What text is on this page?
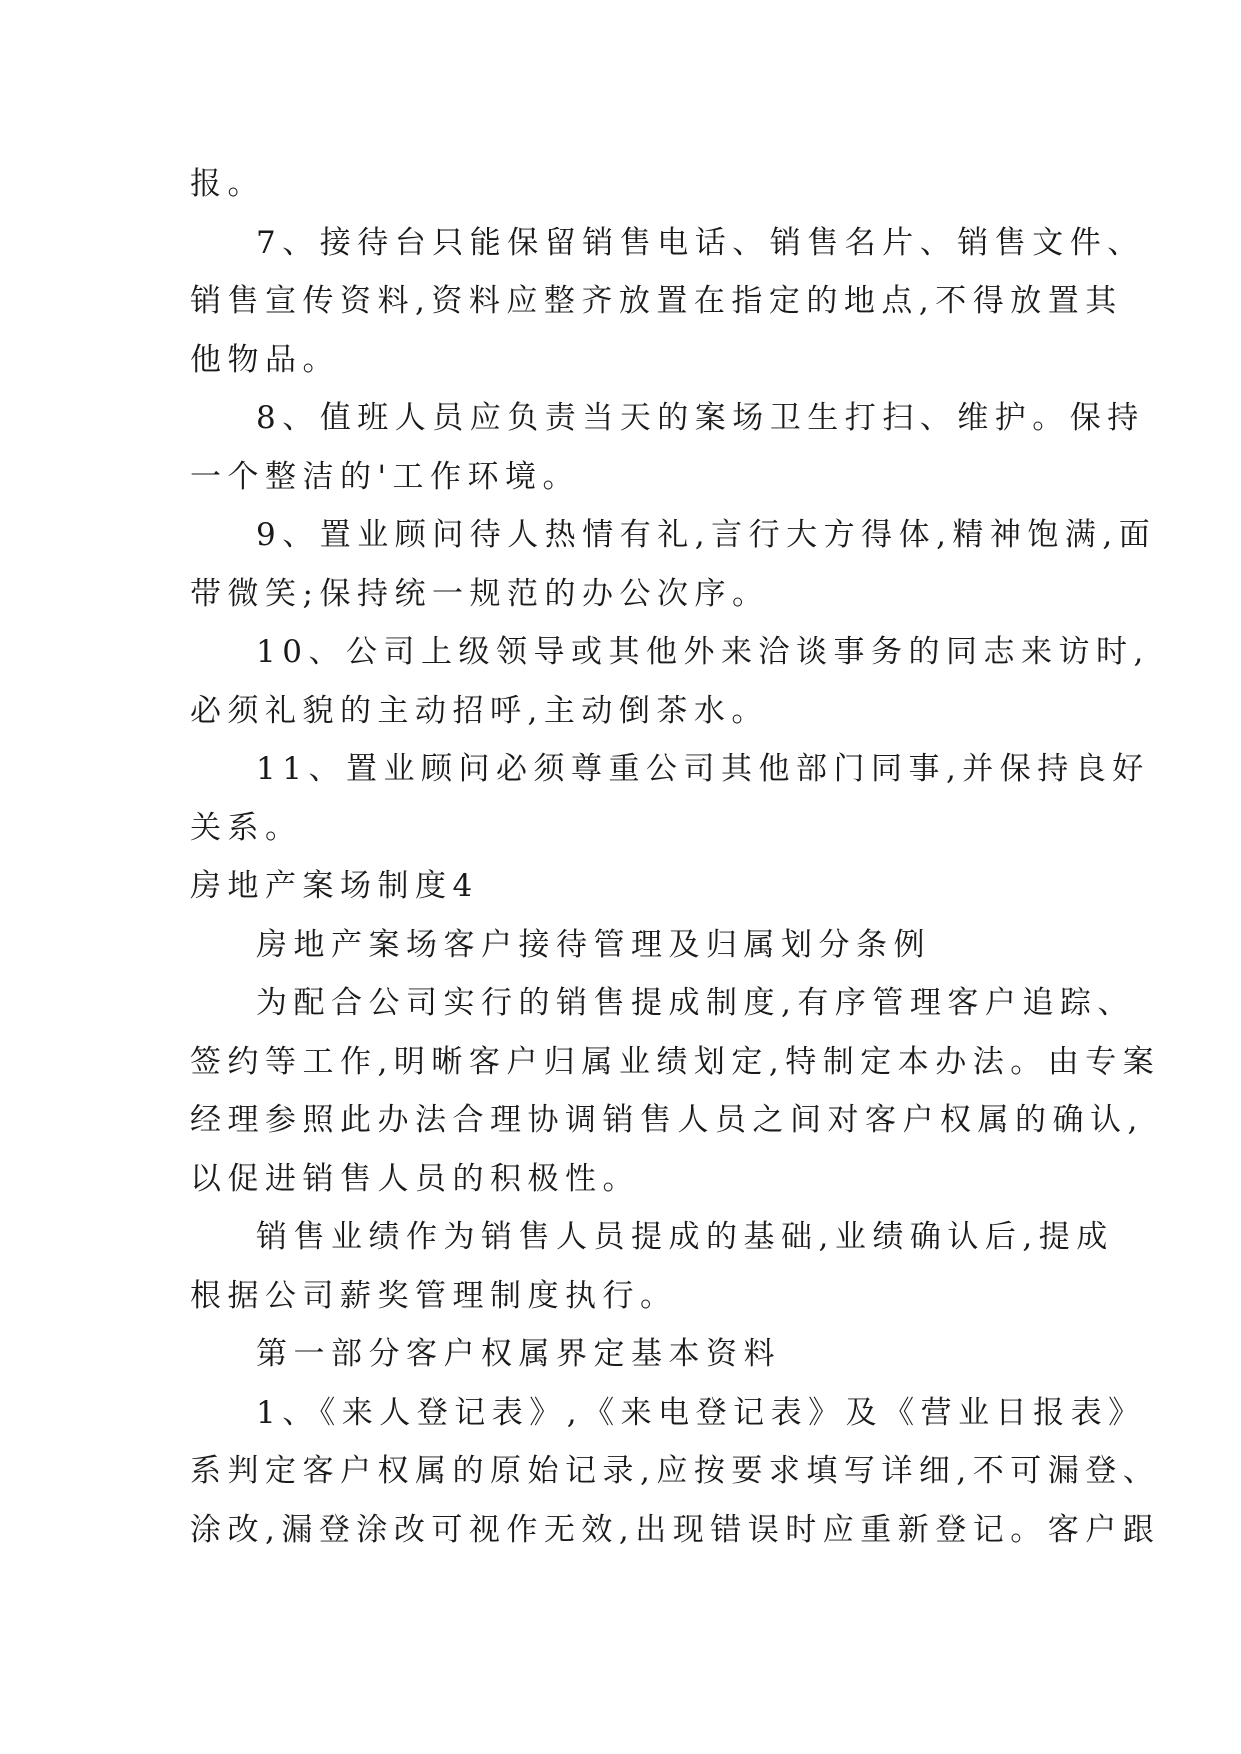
报。
7、接待台只能保留销售电话、销售名片、销售文件、
销售宣传资料,资料应整齐放置在指定的地点,不得放置其
他物品。
8、值班人员应负责当天的案场卫生打扫、维护。保持
一个整洁的'工作环境。
9、置业顾问待人热情有礼,言行大方得体,精神饱满,面
带微笑;保持统一规范的办公次序。
10、公司上级领导或其他外来洽谈事务的同志来访时,
必须礼貌的主动招呼,主动倒茶水。
11、置业顾问必须尊重公司其他部门同事,并保持良好
关系。
房地产案场制度4
房地产案场客户接待管理及归属划分条例
为配合公司实行的销售提成制度,有序管理客户追踪、
签约等工作,明晰客户归属业绩划定,特制定本办法。由专案
经理参照此办法合理协调销售人员之间对客户权属的确认,
以促进销售人员的积极性。
销售业绩作为销售人员提成的基础,业绩确认后,提成
根据公司薪奖管理制度执行。
第一部分客户权属界定基本资料
1、《来人登记表》,《来电登记表》及《营业日报表》
系判定客户权属的原始记录,应按要求填写详细,不可漏登、
涂改,漏登涂改可视作无效,出现错误时应重新登记。客户跟
